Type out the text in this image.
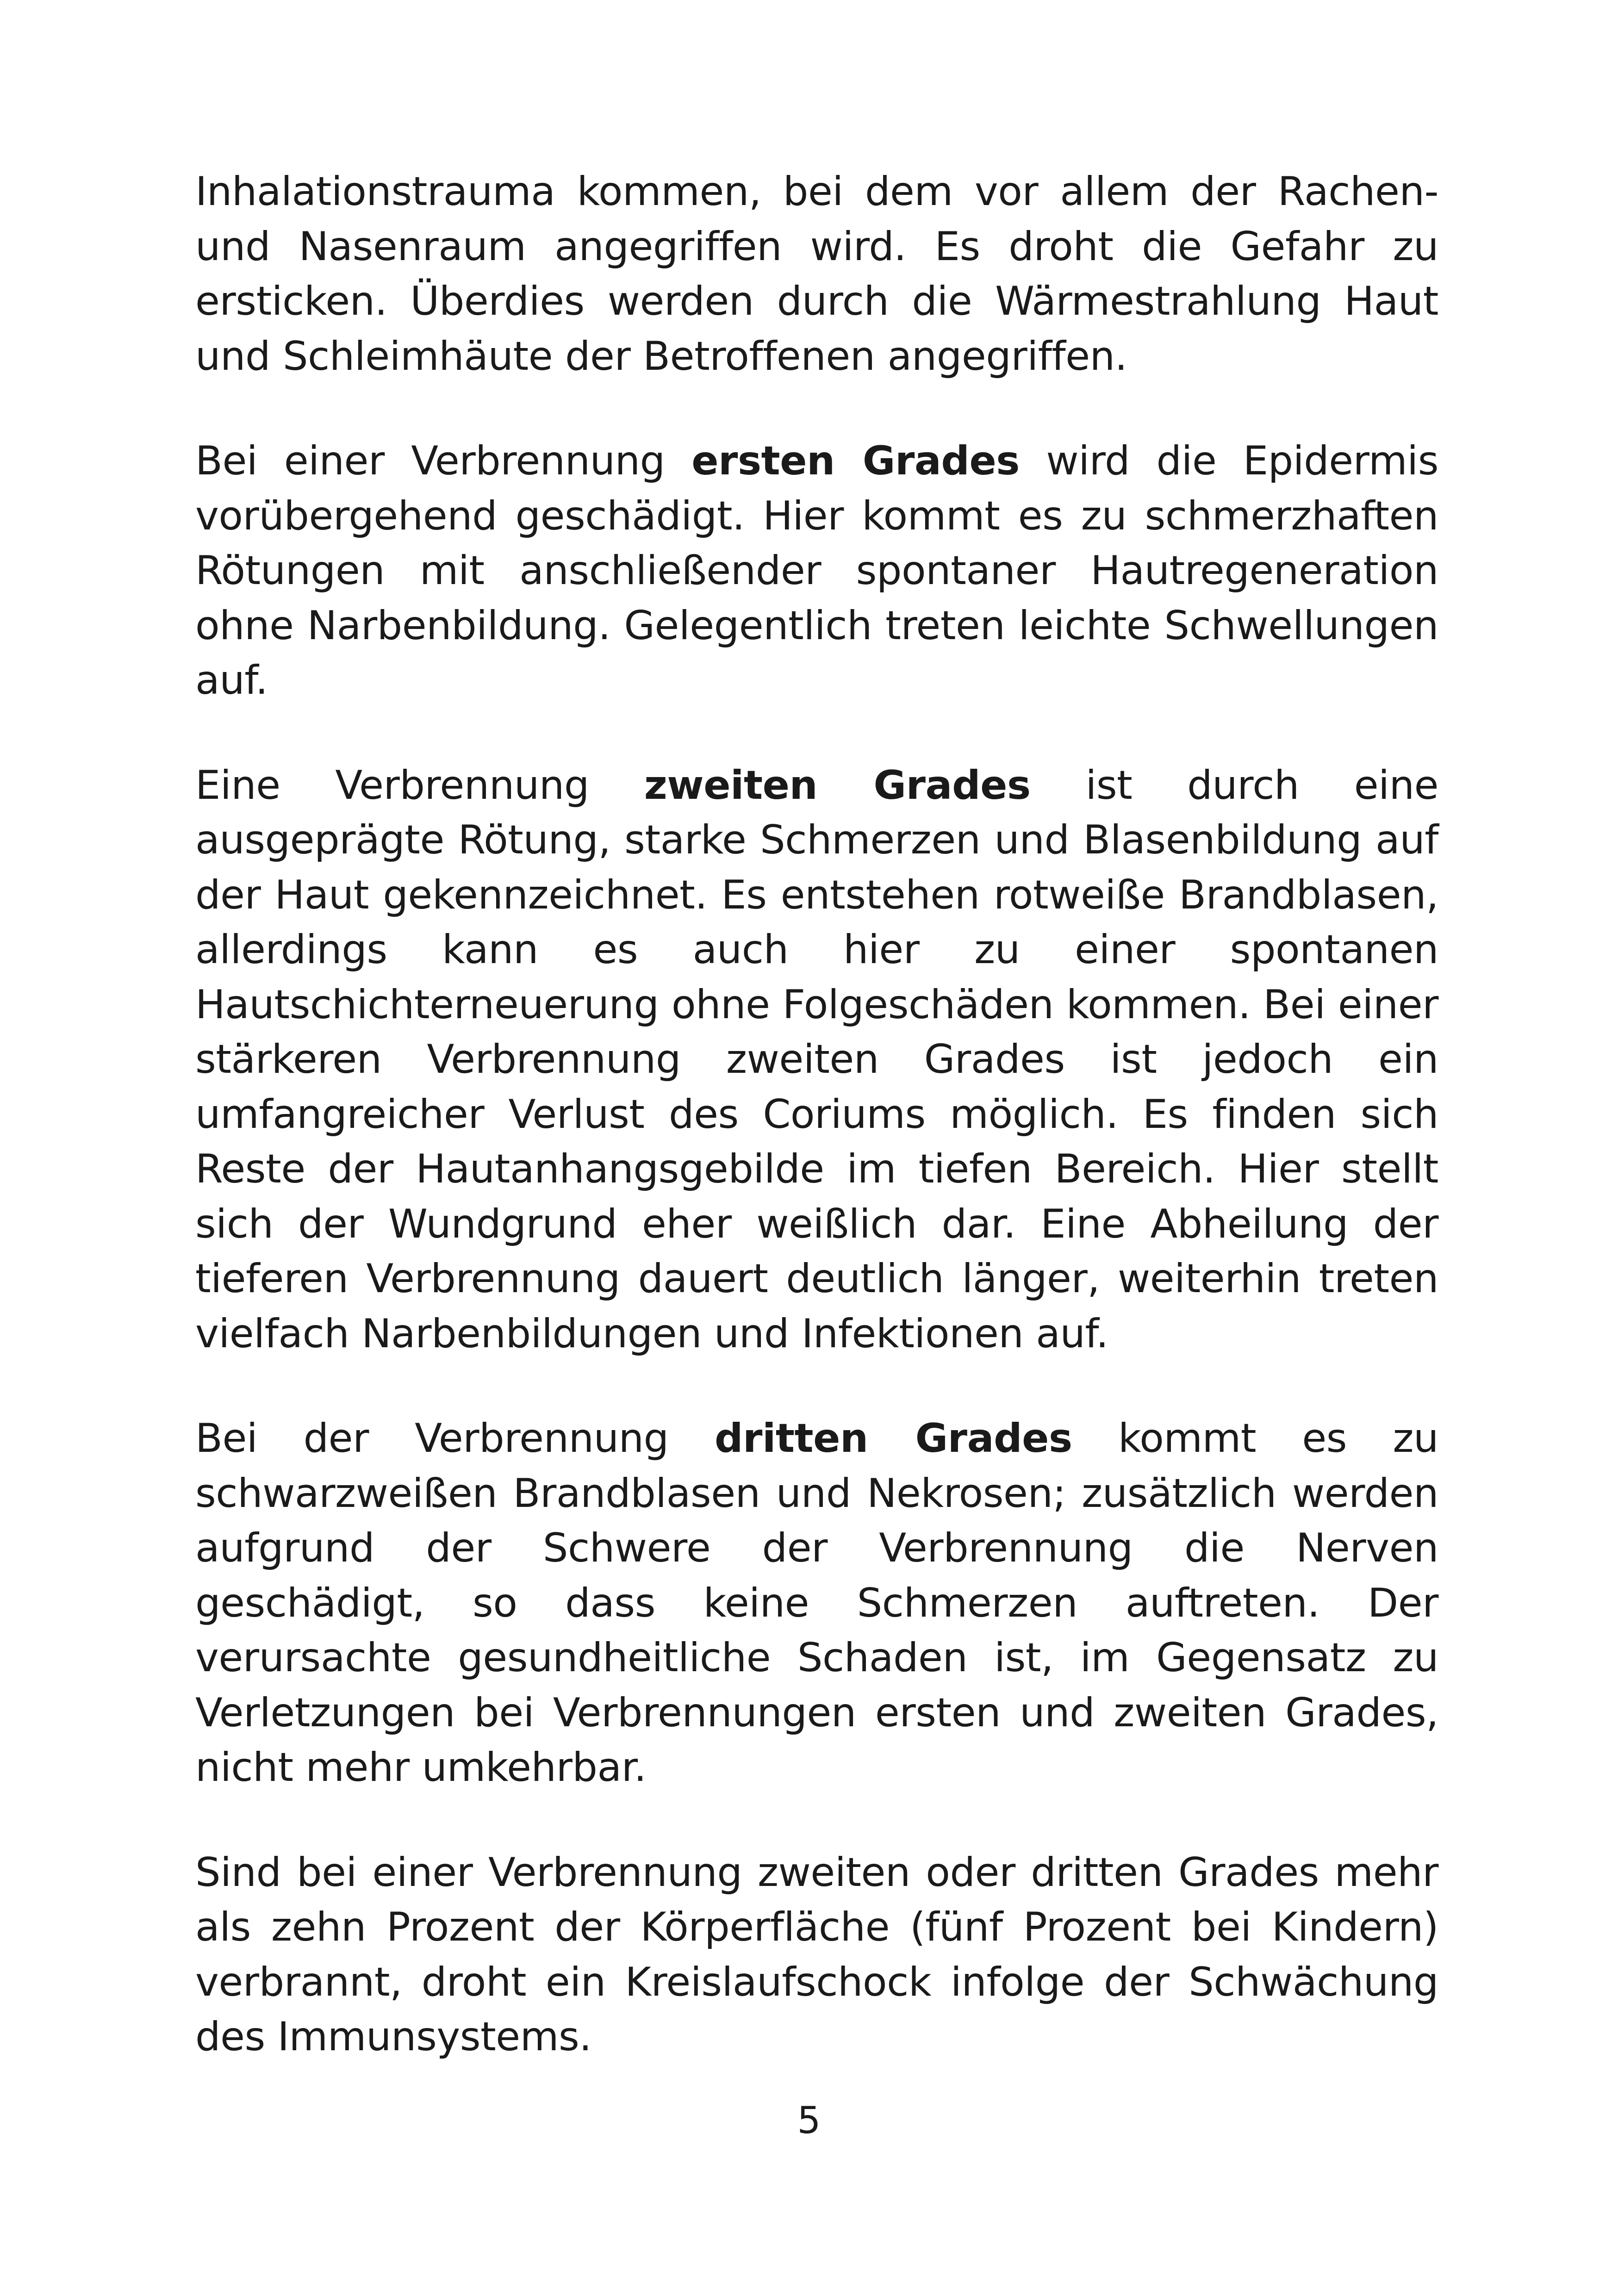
Inhalationstrauma kommen, bei dem vor allem der Rachen- und Nasenraum angegriffen wird. Es droht die Gefahr zu ersticken. Überdies werden durch die Wärmestrahlung Haut und Schleimhäute der Betroffenen angegriffen.

Bei einer Verbrennung ersten Grades wird die Epidermis vorübergehend geschädigt. Hier kommt es zu schmerzhaften Rötungen mit anschließender spontaner Hautregeneration ohne Narbenbildung. Gelegentlich treten leichte Schwellungen auf.

Eine Verbrennung zweiten Grades ist durch eine ausgeprägte Rötung, starke Schmerzen und Blasenbildung auf der Haut gekennzeichnet. Es entstehen rotweiße Brandblasen, allerdings kann es auch hier zu einer spontanen Hautschichterneuerung ohne Folgeschäden kommen. Bei einer stärkeren Verbrennung zweiten Grades ist jedoch ein umfangreicher Verlust des Coriums möglich. Es finden sich Reste der Hautanhangsgebilde im tiefen Bereich. Hier stellt sich der Wundgrund eher weißlich dar. Eine Abheilung der tieferen Verbrennung dauert deutlich länger, weiterhin treten vielfach Narbenbildungen und Infektionen auf.

Bei der Verbrennung dritten Grades kommt es zu schwarzweißen Brandblasen und Nekrosen; zusätzlich werden aufgrund der Schwere der Verbrennung die Nerven geschädigt, so dass keine Schmerzen auftreten. Der verursachte gesundheitliche Schaden ist, im Gegensatz zu Verletzungen bei Verbrennungen ersten und zweiten Grades, nicht mehr umkehrbar.

Sind bei einer Verbrennung zweiten oder dritten Grades mehr als zehn Prozent der Körperfläche (fünf Prozent bei Kindern) verbrannt, droht ein Kreislaufschock infolge der Schwächung des Immunsystems.

5
